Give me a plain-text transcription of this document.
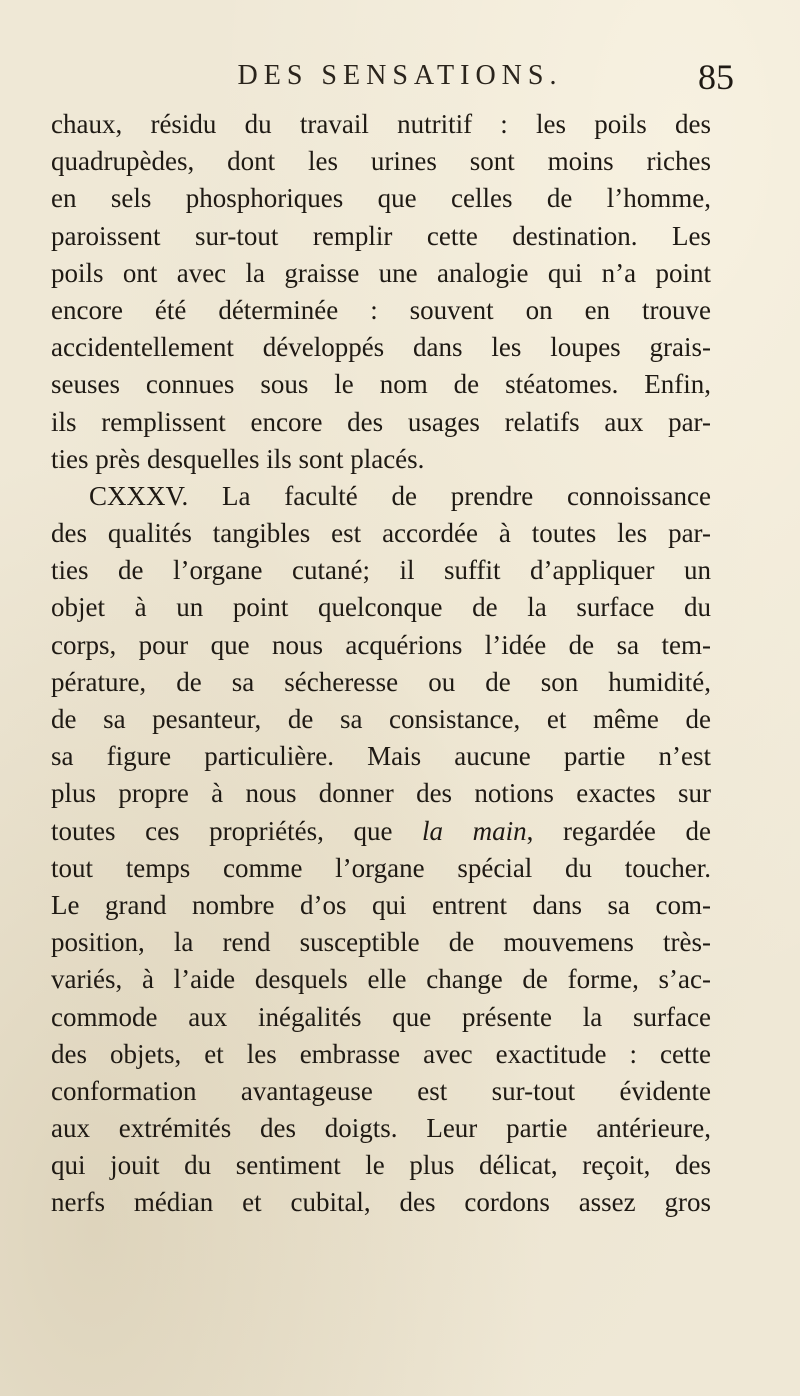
DES SENSATIONS.	85
chaux, résidu du travail nutritif : les poils des
quadrupèdes, dont les urines sont moins riches
en sels phosphoriques que celles de l’homme,
paroissent sur-tout remplir cette destination. Les
poils ont avec la graisse une analogie qui n’a point
encore été déterminée : souvent on en trouve
accidentellement développés dans les loupes grais-
seuses connues sous le nom de stéatomes. Enfin,
ils remplissent encore des usages relatifs aux par-
ties près desquelles ils sont placés.
CXXXV. La faculté de prendre connoissance
des qualités tangibles est accordée à toutes les par-
ties de l’organe cutané; il suffit d’appliquer un
objet à un point quelconque de la surface du
corps, pour que nous acquérions l’idée de sa tem-
pérature, de sa sécheresse ou de son humidité,
de sa pesanteur, de sa consistance, et même de
sa figure particulière. Mais aucune partie n’est
plus propre à nous donner des notions exactes sur
toutes ces propriétés, que la main, regardée de
tout temps comme l’organe spécial du toucher.
Le grand nombre d’os qui entrent dans sa com-
position, la rend susceptible de mouvemens très-
variés, à l’aide desquels elle change de forme, s’ac-
commode aux inégalités que présente la surface
des objets, et les embrasse avec exactitude : cette
conformation avantageuse est sur-tout évidente
aux extrémités des doigts. Leur partie antérieure,
qui jouit du sentiment le plus délicat, reçoit, des
nerfs médian et cubital, des cordons assez gros
